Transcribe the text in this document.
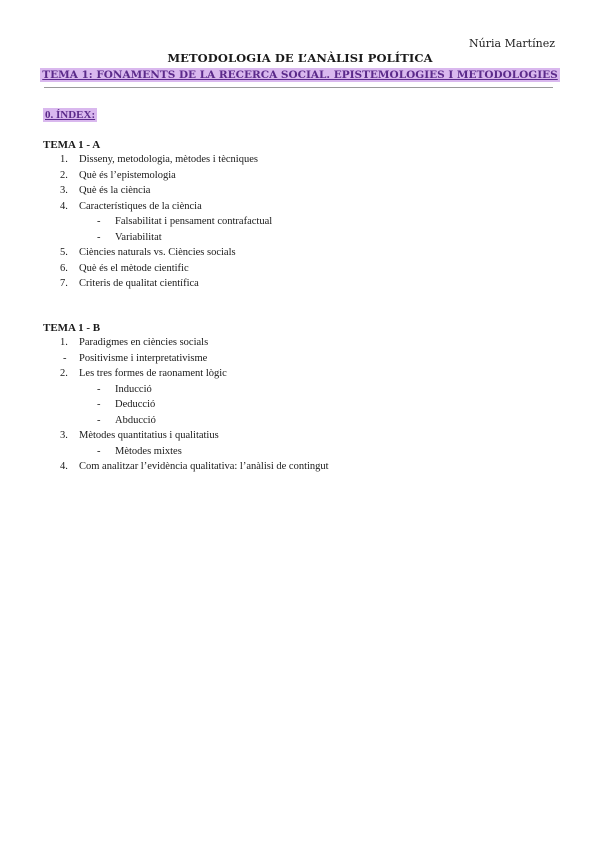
Núria Martínez
METODOLOGIA DE L’ANÀLISI POLÍTICA
TEMA 1: FONAMENTS DE LA RECERCA SOCIAL. EPISTEMOLOGIES I METODOLOGIES
0. ÍNDEX:
TEMA 1 - A
1. Disseny, metodologia, mètodes i tècniques
2. Què és l’epistemologia
3. Què és la ciència
4. Característiques de la ciència
- Falsabilitat i pensament contrafactual
- Variabilitat
5. Ciències naturals vs. Ciències socials
6. Què és el mètode cientific
7. Criteris de qualitat científica
TEMA 1 - B
1. Paradigmes en ciències socials
- Positivisme i interpretativisme
2. Les tres formes de raonament lògic
- Inducció
- Deducció
- Abducció
3. Mètodes quantitatius i qualitatius
- Mètodes mixtes
4. Com analitzar l’evidència qualitativa: l’anàlisi de contingut
